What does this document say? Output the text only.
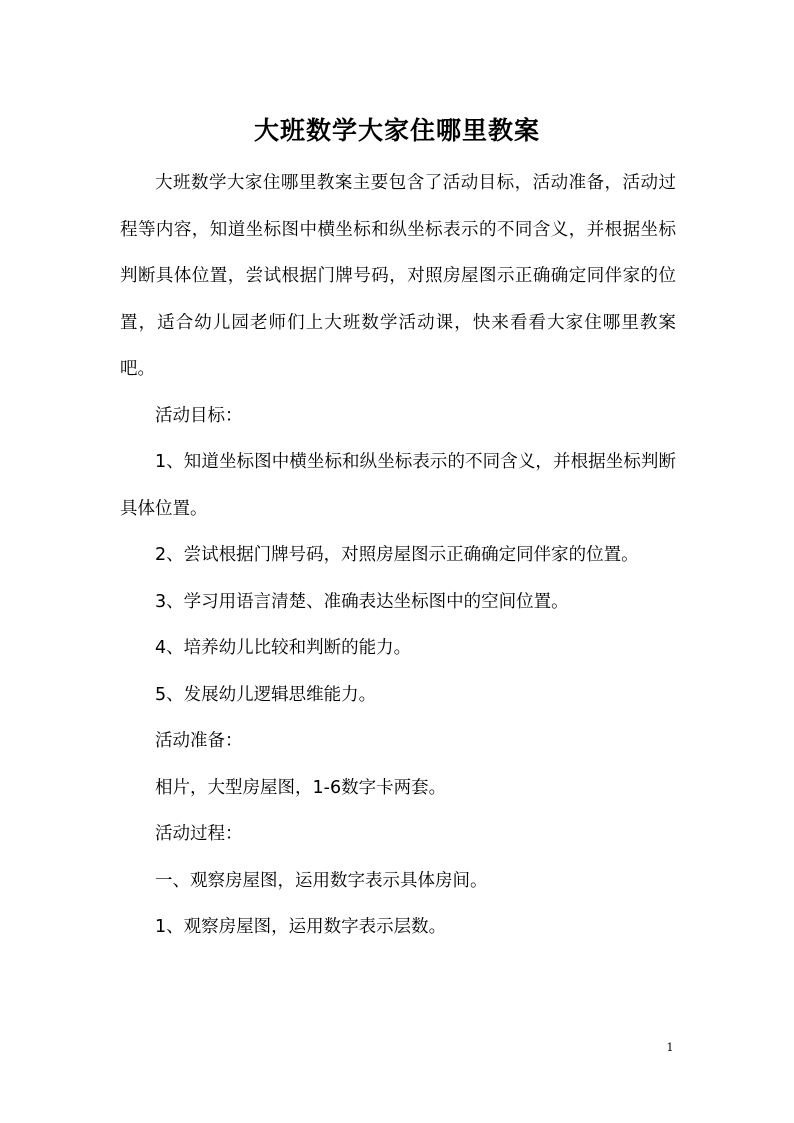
大班数学大家住哪里教案

大班数学大家住哪里教案主要包含了活动目标，活动准备，活动过程等内容，知道坐标图中横坐标和纵坐标表示的不同含义，并根据坐标判断具体位置，尝试根据门牌号码，对照房屋图示正确确定同伴家的位置，适合幼儿园老师们上大班数学活动课，快来看看大家住哪里教案吧。

活动目标：

1、知道坐标图中横坐标和纵坐标表示的不同含义，并根据坐标判断具体位置。

2、尝试根据门牌号码，对照房屋图示正确确定同伴家的位置。

3、学习用语言清楚、准确表达坐标图中的空间位置。

4、培养幼儿比较和判断的能力。

5、发展幼儿逻辑思维能力。

活动准备：

相片，大型房屋图，1-6数字卡两套。

活动过程：

一、观察房屋图，运用数字表示具体房间。

1、观察房屋图，运用数字表示层数。

1
